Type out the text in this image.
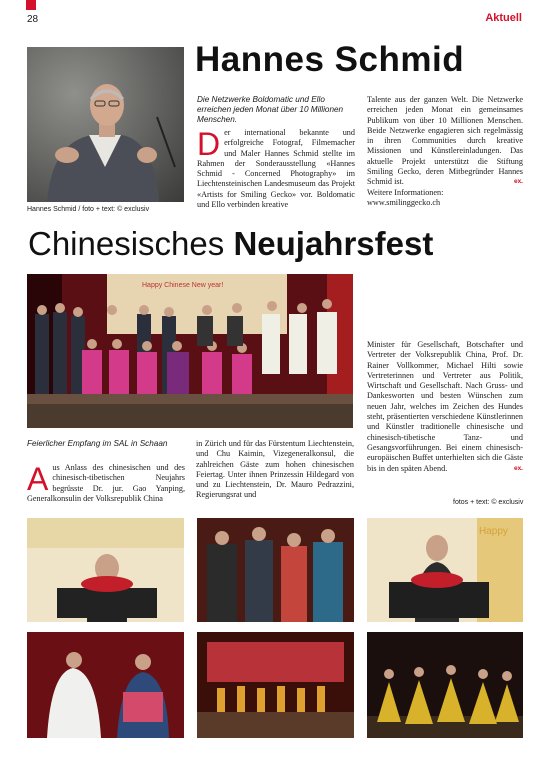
28	Aktuell
Hannes Schmid / foto + text: © exclusiv
Hannes Schmid
Die Netzwerke Boldomatic und Ello erreichen jeden Monat über 10 Millionen Menschen.
Der international bekannte und erfolgreiche Fotograf, Filmemacher und Maler Hannes Schmid stellte im Rahmen der Sonderausstellung «Hannes Schmid - Concerned Photography» im Liechtensteinischen Landesmuseum das Projekt «Artists for Smiling Gecko» vor. Boldomatic und Ello verbinden kreative
Talente aus der ganzen Welt. Die Netzwerke erreichen jeden Monat ein gemeinsames Publikum von über 10 Millionen Menschen. Beide Netzwerke engagieren sich regelmässig in ihren Communities durch kreative Missionen und Künstlereinladungen. Das aktuelle Projekt unterstützt die Stiftung Smiling Gecko, deren Mitbegründer Hannes Schmid ist.	ex.
Weitere Informationen:
www.smilinggecko.ch
Chinesisches Neujahrsfest
Happy Chinese New year!
Feierlicher Empfang im SAL in Schaan
Aus Anlass des chinesischen und des chinesisch-tibetischen Neujahrs begrüsste Dr. jur. Gao Yanping, Generalkonsulin der Volksrepublik China
in Zürich und für das Fürstentum Liechtenstein, und Chu Kaimin, Vizegeneralkonsul, die zahlreichen Gäste zum hohen chinesischen Feiertag. Unter ihnen Prinzessin Hildegard von und zu Liechtenstein, Dr. Mauro Pedrazzini, Regierungsrat und
Minister für Gesellschaft, Botschafter und Vertreter der Volksrepublik China, Prof. Dr. Rainer Vollkommer, Michael Hilti sowie Vertreterinnen und Vertreter aus Politik, Wirtschaft und Gesellschaft. Nach Gruss- und Dankesworten und besten Wünschen zum neuen Jahr, welches im Zeichen des Hundes steht, präsentierten verschiedene Künstlerinnen und Künstler traditionelle chinesische und chinesisch-tibetische Tanz- und Gesangsvorführungen. Bei einem chinesisch-europäischen Buffet unterhielten sich die Gäste bis in den späten Abend.	ex.
fotos + text: © exclusiv
Happy
